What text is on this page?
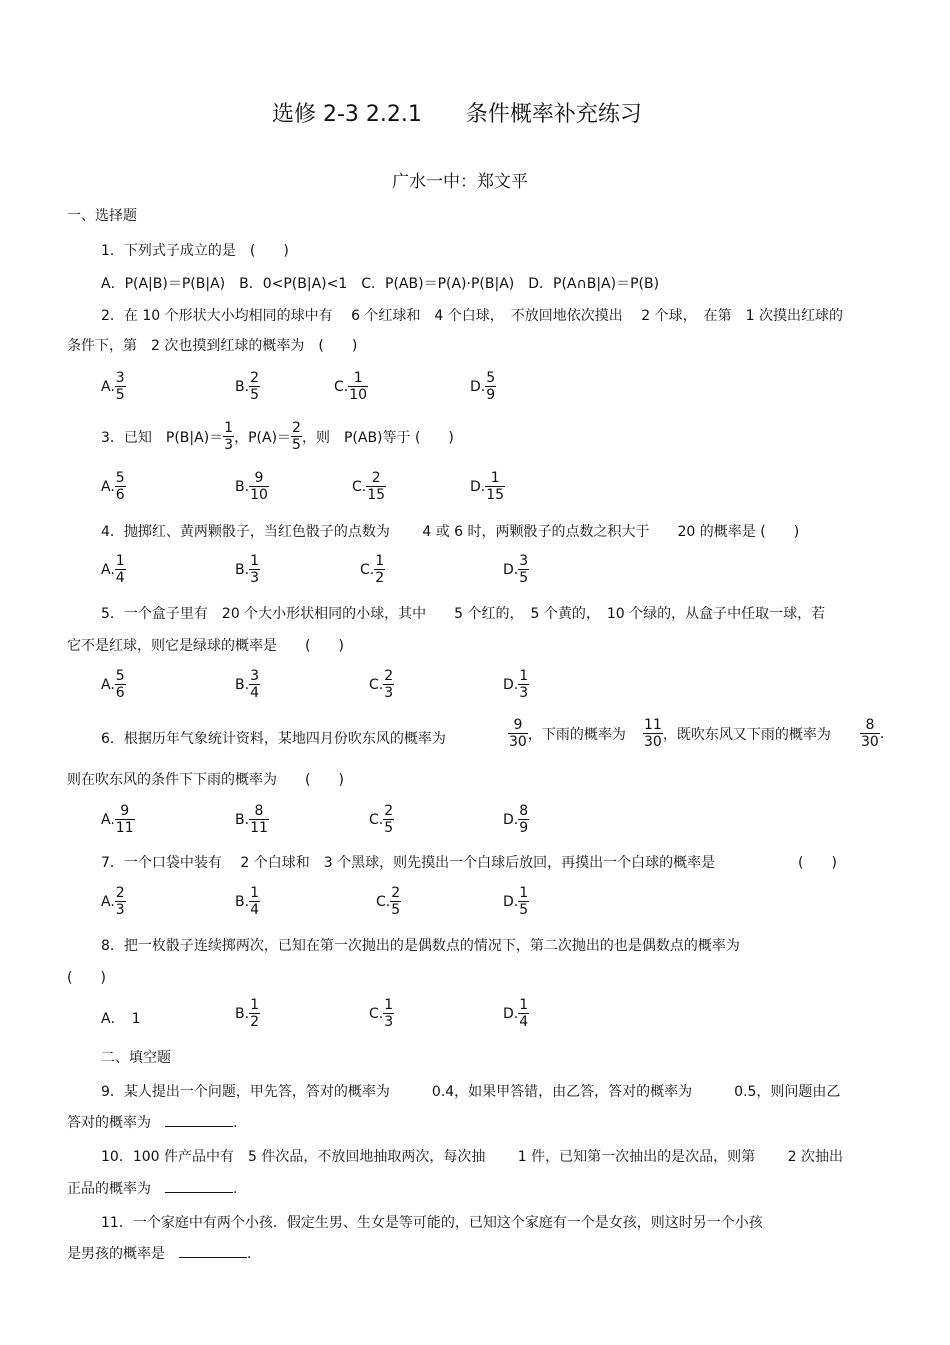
选修 2-3 2.2.1　　条件概率补充练习
广水一中：郑文平
一、选择题
1．下列式子成立的是　(　　)
A．P(A|B)＝P(B|A)　B．0<P(B|A)<1　C．P(AB)＝P(A)·P(B|A)　D．P(A∩B|A)＝P(B)
2．在 10 个形状大小均相同的球中有　 6 个红球和　4 个白球，　不放回地依次摸出　 2 个球，　在第　1 次摸出红球的
条件下，第　2 次也摸到红球的概率为　(　　)
A. $\frac{3}{5}$	B. $\frac{2}{5}$	C. $\frac{1}{10}$	D. $\frac{5}{9}$
3．已知　$P(B|A)= \frac{1}{3}$ ，$P(A)= \frac{2}{5}$ ，则　P(AB)等于 (　　)
A. $\frac{5}{6}$	B. $\frac{9}{10}$	C. $\frac{2}{15}$	D. $\frac{1}{15}$
4．抛掷红、黄两颗骰子，当红色骰子的点数为　　 4 或 6 时，两颗骰子的点数之积大于　　20 的概率是 (　　)
A. $\frac{1}{4}$	B. $\frac{1}{3}$	C. $\frac{1}{2}$	D. $\frac{3}{5}$
5．一个盒子里有　20 个大小形状相同的小球，其中　　5 个红的，　5 个黄的，　10 个绿的，从盒子中任取一球，若
它不是红球，则它是绿球的概率是　　(　　)
A. $\frac{5}{6}$	B. $\frac{3}{4}$	C. $\frac{2}{3}$	D. $\frac{1}{3}$
6．根据历年气象统计资料，某地四月份吹东风的概率为	$\frac{9}{30}$ ，下雨的概率为 $\frac{11}{30}$ ，既吹东风又下雨的概率为 $\frac{8}{30}$ .
则在吹东风的条件下下雨的概率为　　(　　)
A. $\frac{9}{11}$	B. $\frac{8}{11}$	C. $\frac{2}{5}$	D. $\frac{8}{9}$
7．一个口袋中装有　 2 个白球和　3 个黑球，则先摸出一个白球后放回，再摸出一个白球的概率是	(　　)
A. $\frac{2}{3}$	B. $\frac{1}{4}$	C. $\frac{2}{5}$	D. $\frac{1}{5}$
8．把一枚骰子连续掷两次，已知在第一次抛出的是偶数点的情况下，第二次抛出的也是偶数点的概率为
(　　)
A．　1	B. $\frac{1}{2}$	C. $\frac{1}{3}$	D. $\frac{1}{4}$
二、填空题
9．某人提出一个问题，甲先答，答对的概率为　　　0.4，如果甲答错，由乙答，答对的概率为　　　0.5，则问题由乙
答对的概率为　	.
10．100 件产品中有　5 件次品，不放回地抽取两次，每次抽　　 1 件，已知第一次抽出的是次品，则第　　 2 次抽出
正品的概率为　	.
11．一个家庭中有两个小孩．假定生男、生女是等可能的，已知这个家庭有一个是女孩，则这时另一个小孩
是男孩的概率是　	.
